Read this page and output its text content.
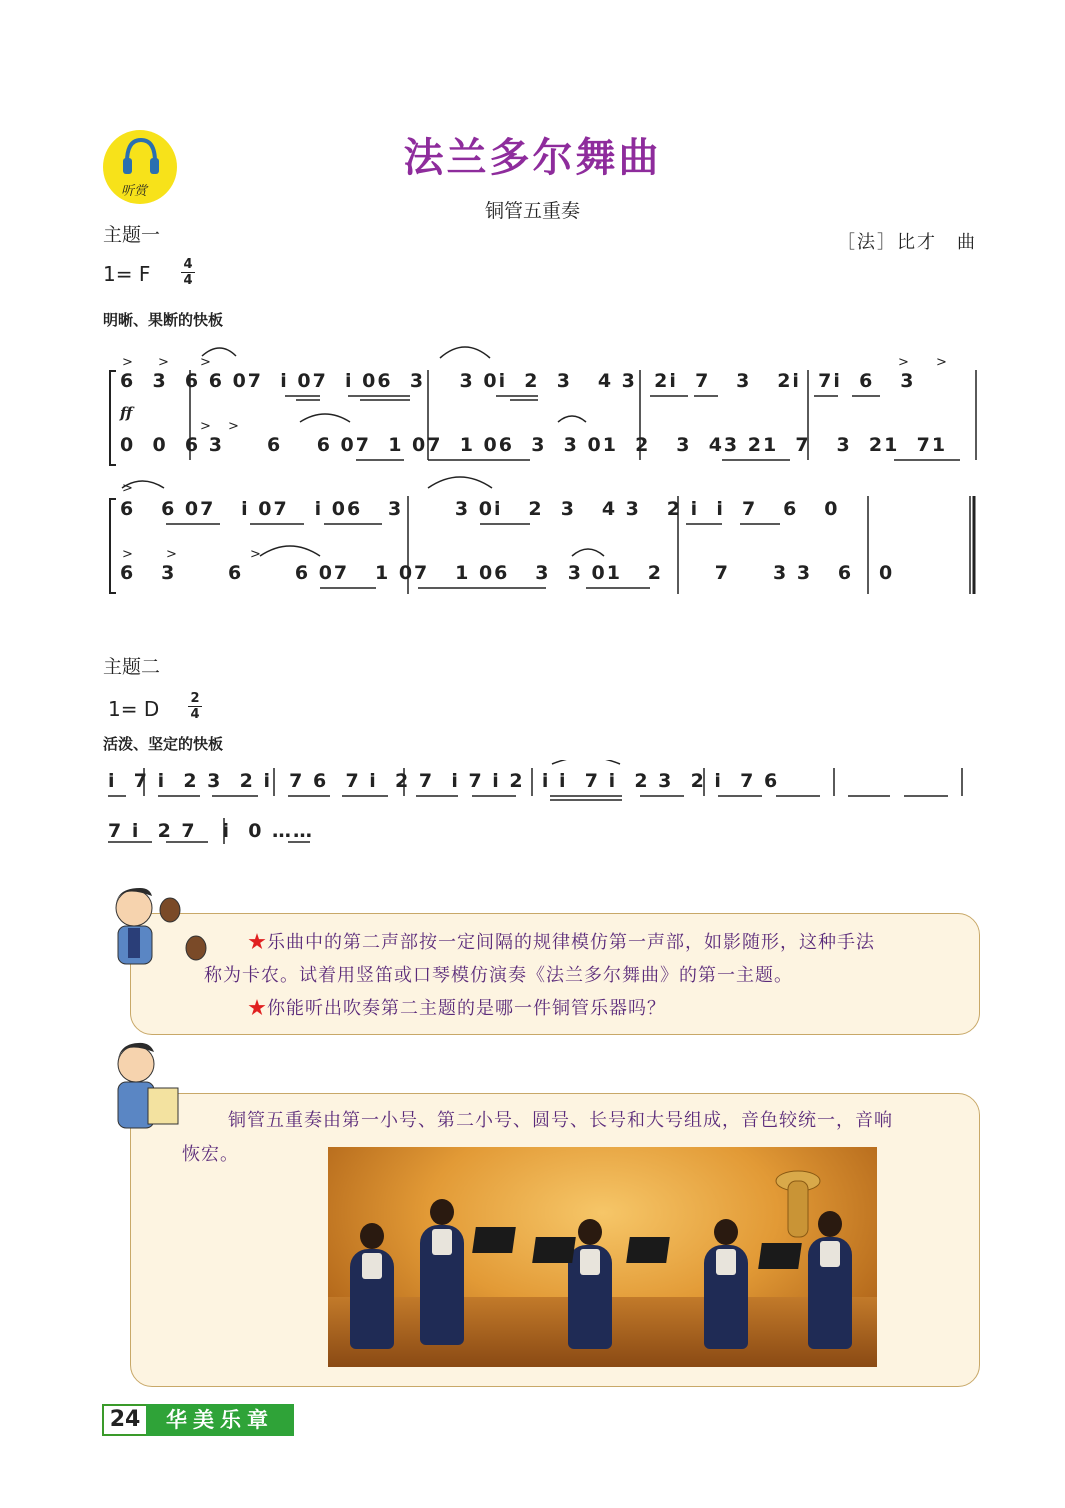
听赏
法兰多尔舞曲
铜管五重奏
［法］比才　曲
主题一
1= F	4
4
明晰、果断的快板
6  3  6 6 07  i 07  i 06  3    3 0i  2  3   4 3  2i  7   3   2i  7i  6   3
ff
0  0  6 3     6    6 07  1 07  1 06  3  3 01  2   3  43 21  7   3  21  71
> > >
> >
> >
6   6 07   i 07   i 06   3      3 0i   2  3   4 3   2 i  i  7   6   0
6   3      6      6 07   1 07   1 06   3  3 01   2      7     3 3   6   0
>
>	>	>
主题二
1= D 2
4
活泼、坚定的快板
i  7 i  2 3  2 i  7 6  7 i  2 7  i 7 i 2  i i  7 i  2 3  2 i  7 6
7 i  2 7   i  0 ……
★乐曲中的第二声部按一定间隔的规律模仿第一声部，如影随形，这种手法
称为卡农。试着用竖笛或口琴模仿演奏《法兰多尔舞曲》的第一主题。
★你能听出吹奏第二主题的是哪一件铜管乐器吗？
铜管五重奏由第一小号、第二小号、圆号、长号和大号组成，音色较统一，音响
恢宏。
24	华美乐章
